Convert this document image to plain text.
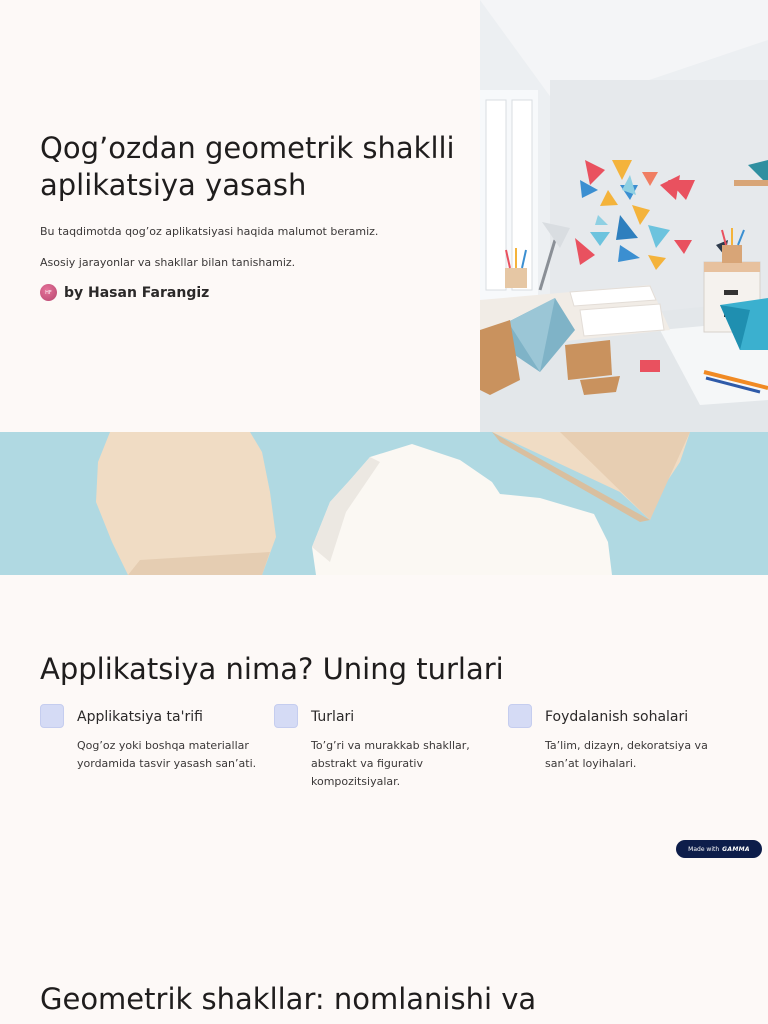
Qog’ozdan geometrik shaklli aplikatsiya yasash

Bu taqdimotda qog’oz aplikatsiyasi haqida malumot beramiz.

Asosiy jarayonlar va shakllar bilan tanishamiz.

HF by Hasan Farangiz
Applikatsiya nima? Uning turlari
Applikatsiya ta'rifi
Qog’oz yoki boshqa materiallar yordamida tasvir yasash san’ati.
Turlari
To’g’ri va murakkab shakllar, abstrakt va figurativ kompozitsiyalar.
Foydalanish sohalari
Ta’lim, dizayn, dekoratsiya va san’at loyihalari.
Made with GAMMA
Geometrik shakllar: nomlanishi va
